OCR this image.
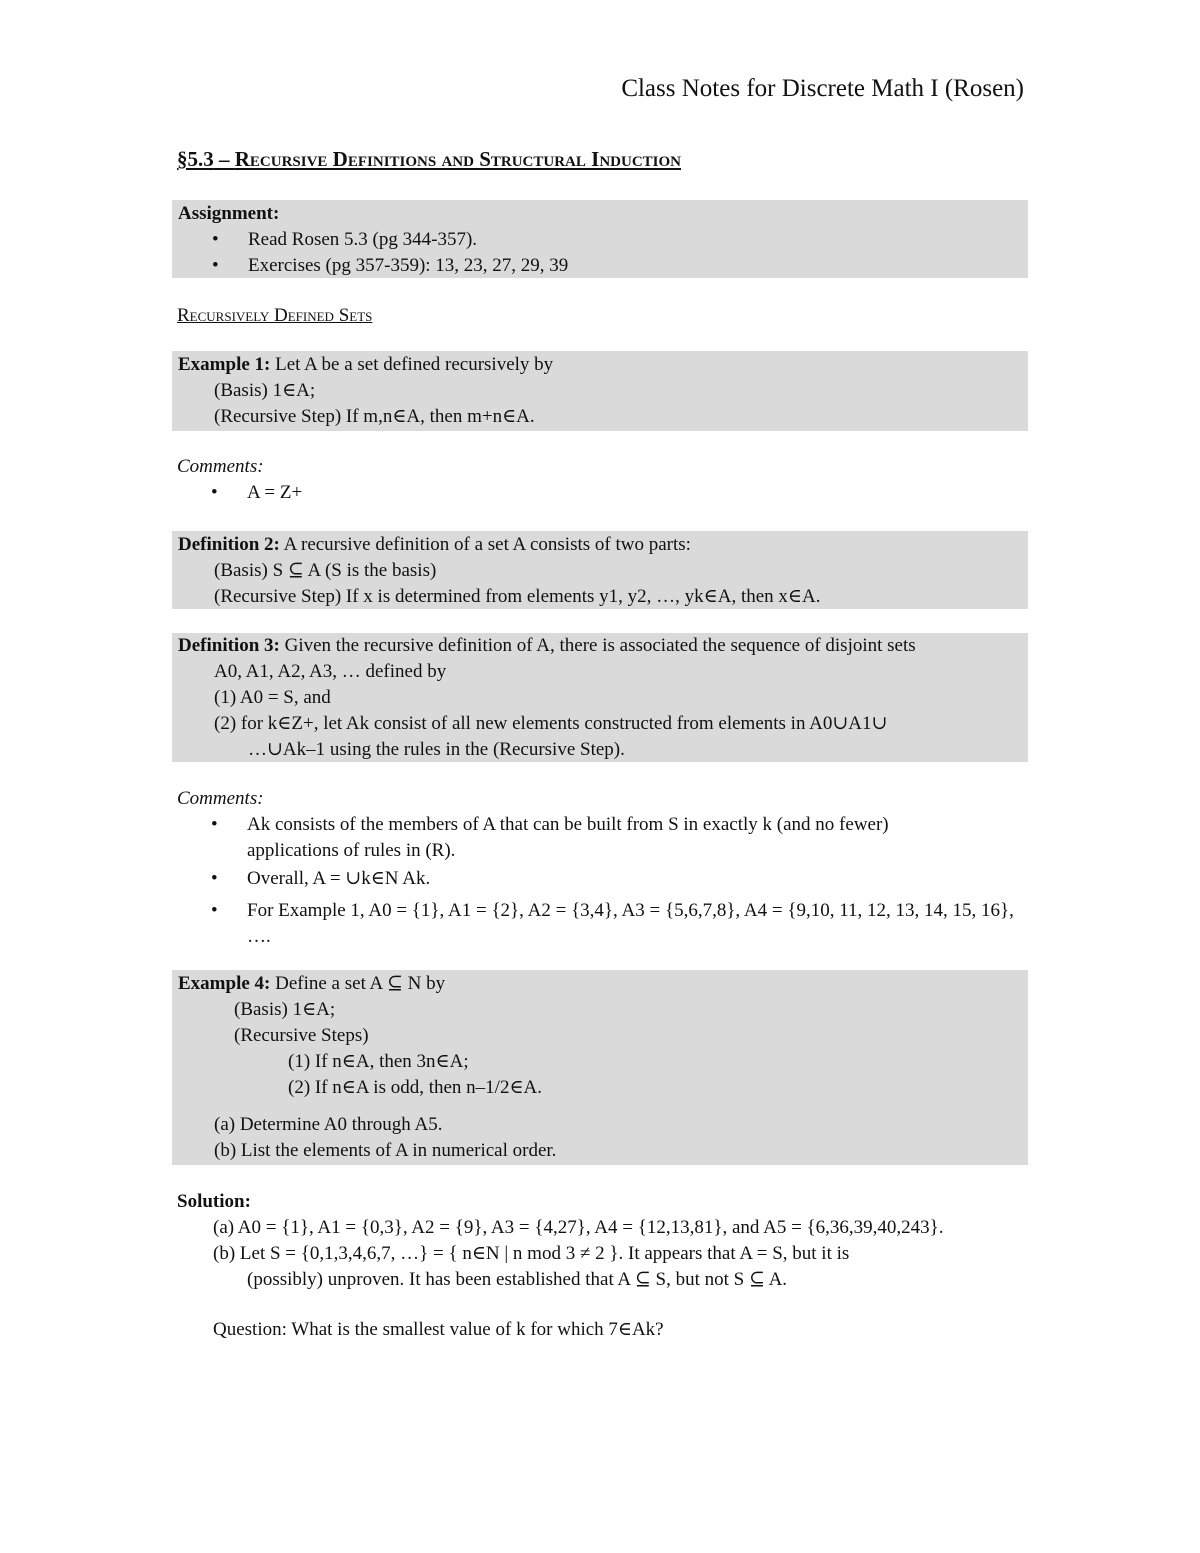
Class Notes for Discrete Math I (Rosen)
§5.3 – Recursive Definitions and Structural Induction
Assignment:
• Read Rosen 5.3 (pg 344-357).
• Exercises (pg 357-359): 13, 23, 27, 29, 39
Recursively Defined Sets
Example 1: Let A be a set defined recursively by
(Basis) 1∈A;
(Recursive Step) If m,n∈A, then m+n∈A.
Comments:
• A = Z+
Definition 2: A recursive definition of a set A consists of two parts:
(Basis) S ⊆ A (S is the basis)
(Recursive Step) If x is determined from elements y1, y2, …, yk∈A, then x∈A.
Definition 3: Given the recursive definition of A, there is associated the sequence of disjoint sets
A0, A1, A2, A3, … defined by
(1) A0 = S, and
(2) for k∈Z+, let Ak consist of all new elements constructed from elements in A0∪A1∪
…∪Ak–1 using the rules in the (Recursive Step).
Comments:
• Ak consists of the members of A that can be built from S in exactly k (and no fewer) applications of rules in (R).
• Overall, A = ∪k∈N Ak.
• For Example 1, A0 = {1}, A1 = {2}, A2 = {3,4}, A3 = {5,6,7,8}, A4 = {9,10, 11, 12, 13, 14, 15, 16}, ….
Example 4: Define a set A ⊆ N by
(Basis) 1∈A;
(Recursive Steps)
(1) If n∈A, then 3n∈A;
(2) If n∈A is odd, then n–1/2∈A.
(a) Determine A0 through A5.
(b) List the elements of A in numerical order.
Solution:
(a) A0 = {1}, A1 = {0,3}, A2 = {9}, A3 = {4,27}, A4 = {12,13,81}, and A5 = {6,36,39,40,243}.
(b) Let S = {0,1,3,4,6,7, …} = { n∈N | n mod 3 ≠ 2 }. It appears that A = S, but it is
(possibly) unproven. It has been established that A ⊆ S, but not S ⊆ A.
Question: What is the smallest value of k for which 7∈Ak?
